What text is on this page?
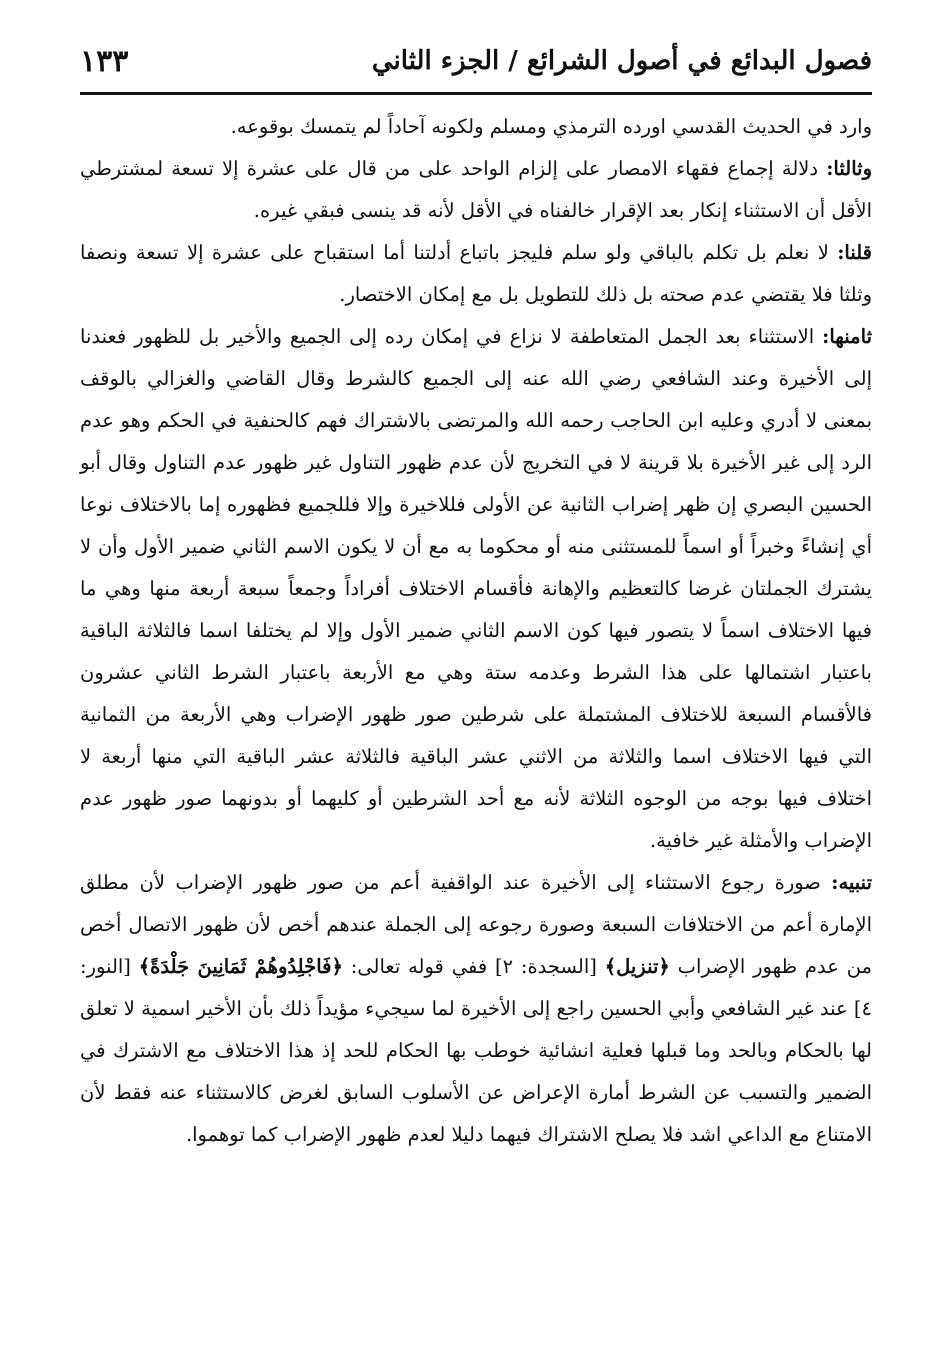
فصول البدائع في أصول الشرائع / الجزء الثاني
١٣٣

وارد في الحديث القدسي اورده الترمذي ومسلم ولكونه آحاداً لم يتمسك بوقوعه.

وثالثا: دلالة إجماع فقهاء الامصار على إلزام الواحد على من قال على عشرة إلا تسعة لمشترطي الأقل أن الاستثناء إنكار بعد الإقرار خالفناه في الأقل لأنه قد ينسى فبقي غيره.

قلنا: لا نعلم بل تكلم بالباقي ولو سلم فليجز باتباع أدلتنا أما استقباح على عشرة إلا تسعة ونصفا وثلثا فلا يقتضي عدم صحته بل ذلك للتطويل بل مع إمكان الاختصار.

ثامنها: الاستثناء بعد الجمل المتعاطفة لا نزاع في إمكان رده إلى الجميع والأخير بل للظهور فعندنا إلى الأخيرة وعند الشافعي رضي الله عنه إلى الجميع كالشرط وقال القاضي والغزالي بالوقف بمعنى لا أدري وعليه ابن الحاجب رحمه الله والمرتضى بالاشتراك فهم كالحنفية في الحكم وهو عدم الرد إلى غير الأخيرة بلا قرينة لا في التخريج لأن عدم ظهور التناول غير ظهور عدم التناول وقال أبو الحسين البصري إن ظهر إضراب الثانية عن الأولى فللاخيرة وإلا فللجميع فظهوره إما بالاختلاف نوعا أي إنشاءً وخبراً أو اسماً للمستثنى منه أو محكوما به مع أن لا يكون الاسم الثاني ضمير الأول وأن لا يشترك الجملتان غرضا كالتعظيم والإهانة فأقسام الاختلاف أفراداً وجمعاً سبعة أربعة منها وهي ما فيها الاختلاف اسماً لا يتصور فيها كون الاسم الثاني ضمير الأول وإلا لم يختلفا اسما فالثلاثة الباقية باعتبار اشتمالها على هذا الشرط وعدمه ستة وهي مع الأربعة باعتبار الشرط الثاني عشرون فالأقسام السبعة للاختلاف المشتملة على شرطين صور ظهور الإضراب وهي الأربعة من الثمانية التي فيها الاختلاف اسما والثلاثة من الاثني عشر الباقية فالثلاثة عشر الباقية التي منها أربعة لا اختلاف فيها بوجه من الوجوه الثلاثة لأنه مع أحد الشرطين أو كليهما أو بدونهما صور ظهور عدم الإضراب والأمثلة غير خافية.

تنبيه: صورة رجوع الاستثناء إلى الأخيرة عند الواقفية أعم من صور ظهور الإضراب لأن مطلق الإمارة أعم من الاختلافات السبعة وصورة رجوعه إلى الجملة عندهم أخص لأن ظهور الاتصال أخص من عدم ظهور الإضراب ﴿تنزيل﴾ [السجدة: ٢] ففي قوله تعالى: ﴿فَاجْلِدُوهُمْ ثَمَانِينَ جَلْدَةً﴾ [النور: ٤] عند غير الشافعي وأبي الحسين راجع إلى الأخيرة لما سيجيء مؤيداً ذلك بأن الأخير اسمية لا تعلق لها بالحكام وبالحد وما قبلها فعلية انشائية خوطب بها الحكام للحد إذ هذا الاختلاف مع الاشترك في الضمير والتسبب عن الشرط أمارة الإعراض عن الأسلوب السابق لغرض كالاستثناء عنه فقط لأن الامتناع مع الداعي اشد فلا يصلح الاشتراك فيهما دليلا لعدم ظهور الإضراب كما توهموا.
